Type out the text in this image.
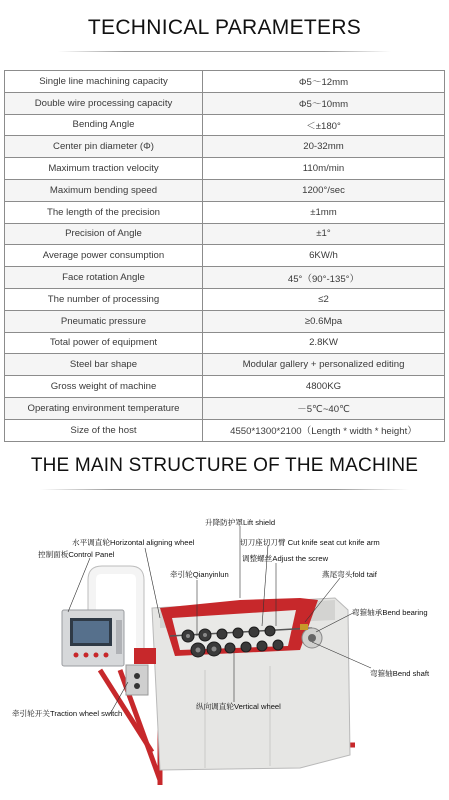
TECHNICAL PARAMETERS
Single line machining capacity	Φ5～12mm
Double wire processing capacity	Φ5～10mm
Bending Angle	＜±180°
Center pin diameter (Φ)	20-32mm
Maximum traction velocity	110m/min
Maximum bending speed	1200°/sec
The length of the precision	±1mm
Precision of Angle	±1°
Average power consumption	6KW/h
Face rotation Angle	45°（90°-135°）
The number of processing	≤2
Pneumatic pressure	≥0.6Mpa
Total power of equipment	2.8KW
Steel bar shape	Modular gallery + personalized editing
Gross weight of machine	4800KG
Operating environment temperature	－5℃~40℃
Size of the host	4550*1300*2100（Length * width * height）
THE MAIN STRUCTURE OF THE MACHINE
升降防护罩Lift shield
水平调直轮Horizontal aligning wheel	切刀座切刀臂 Cut knife seat cut knife arm
控制面板Control Panel	调整螺丝Adjust the screw
牵引轮Qianyinlun	燕尾弯头fold taif
弯箍轴承Bend bearing
弯箍轴Bend shaft
牵引轮开关Traction wheel switch
纵向调直轮Vertical wheel
